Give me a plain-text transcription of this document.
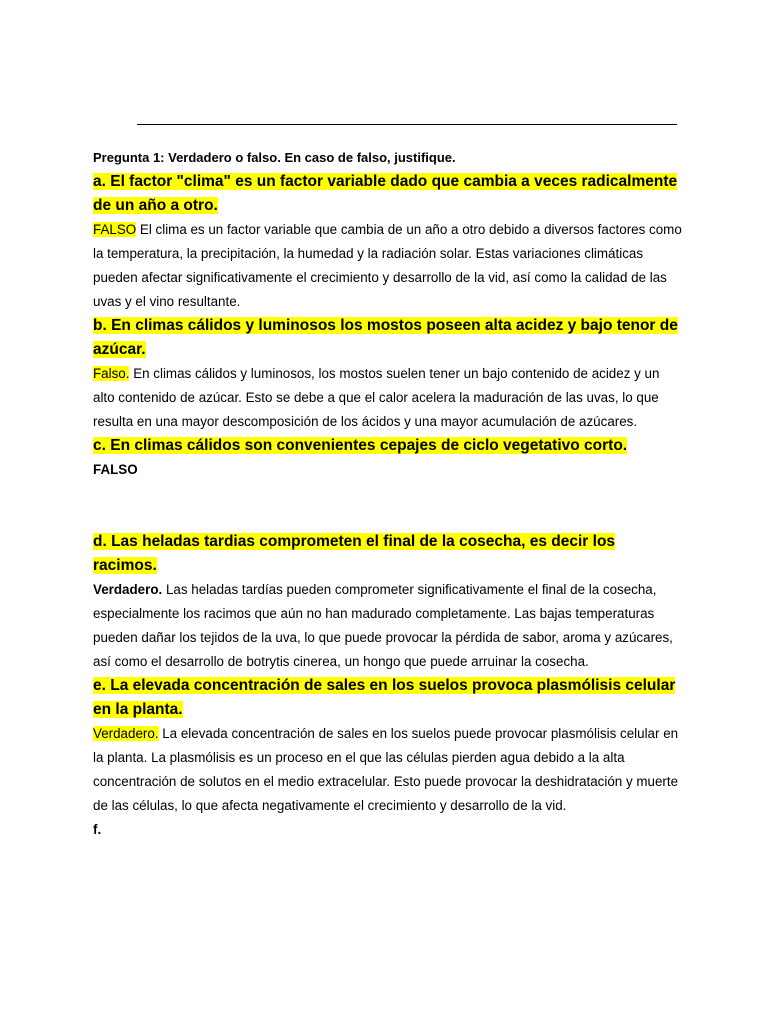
Pregunta 1: Verdadero o falso. En caso de falso, justifique.

a. El factor "clima" es un factor variable dado que cambia a veces radicalmente de un año a otro.

FALSO El clima es un factor variable que cambia de un año a otro debido a diversos factores como la temperatura, la precipitación, la humedad y la radiación solar. Estas variaciones climáticas pueden afectar significativamente el crecimiento y desarrollo de la vid, así como la calidad de las uvas y el vino resultante.

b. En climas cálidos y luminosos los mostos poseen alta acidez y bajo tenor de azúcar.

Falso. En climas cálidos y luminosos, los mostos suelen tener un bajo contenido de acidez y un alto contenido de azúcar. Esto se debe a que el calor acelera la maduración de las uvas, lo que resulta en una mayor descomposición de los ácidos y una mayor acumulación de azúcares.

c. En climas cálidos son convenientes cepajes de ciclo vegetativo corto.

FALSO

d. Las heladas tardias comprometen el final de la cosecha, es decir los racimos.

Verdadero. Las heladas tardías pueden comprometer significativamente el final de la cosecha, especialmente los racimos que aún no han madurado completamente. Las bajas temperaturas pueden dañar los tejidos de la uva, lo que puede provocar la pérdida de sabor, aroma y azúcares, así como el desarrollo de botrytis cinerea, un hongo que puede arruinar la cosecha.

e. La elevada concentración de sales en los suelos provoca plasmólisis celular en la planta.

Verdadero. La elevada concentración de sales en los suelos puede provocar plasmólisis celular en la planta. La plasmólisis es un proceso en el que las células pierden agua debido a la alta concentración de solutos en el medio extracelular. Esto puede provocar la deshidratación y muerte de las células, lo que afecta negativamente el crecimiento y desarrollo de la vid.

f.
